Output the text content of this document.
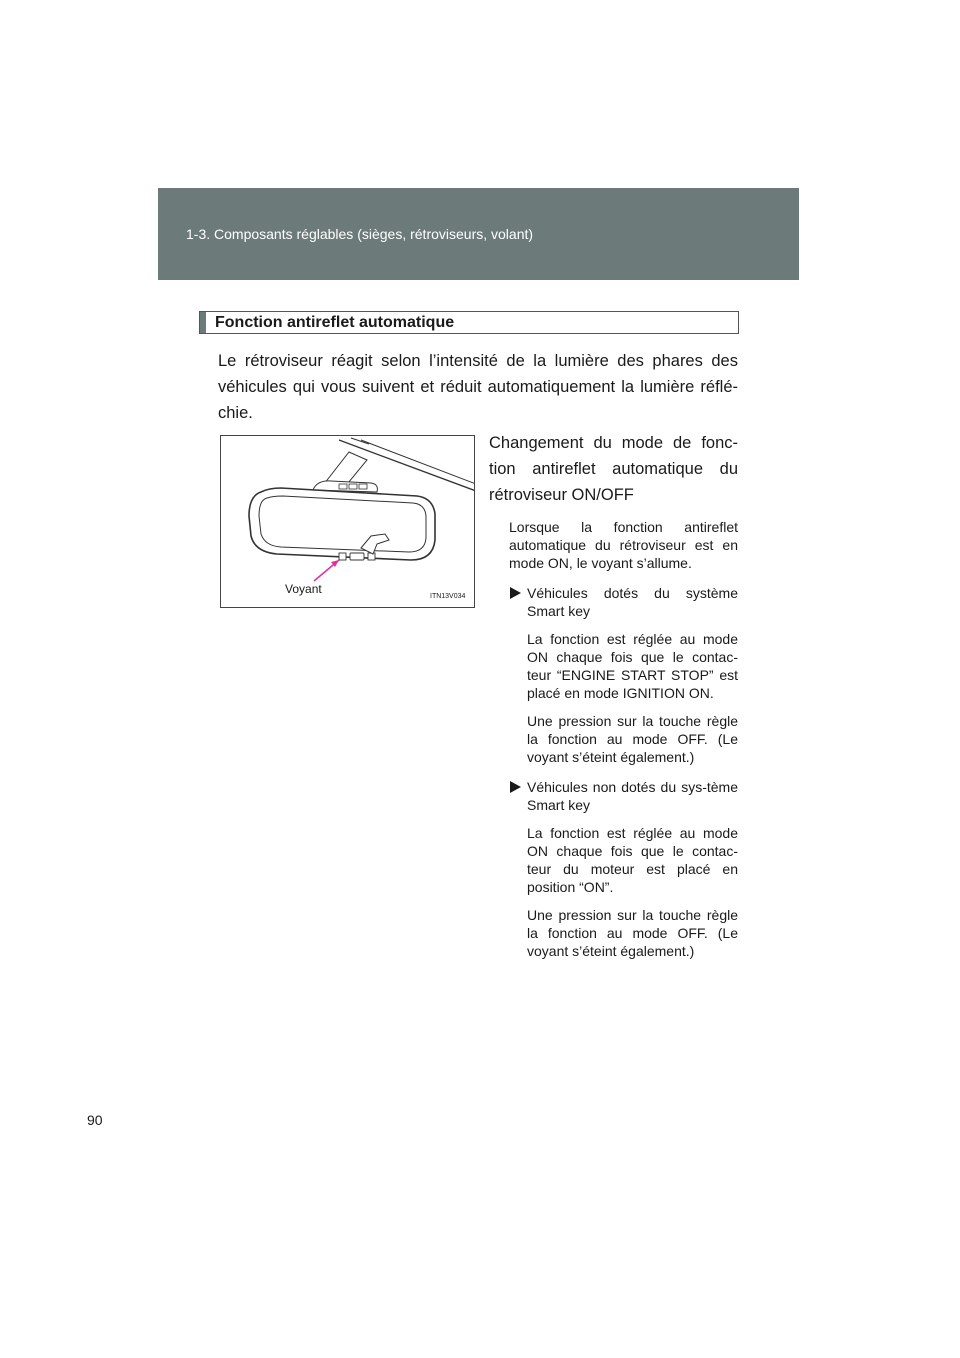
1-3. Composants réglables (sièges, rétroviseurs, volant)
Fonction antireflet automatique
Le rétroviseur réagit selon l’intensité de la lumière des phares des véhicules qui vous suivent et réduit automatiquement la lumière réflé-chie.
Voyant
ITN13V034

Changement du mode de fonc-tion antireflet automatique du rétroviseur ON/OFF

Lorsque la fonction antireflet automatique du rétroviseur est en mode ON, le voyant s’allume.

Véhicules dotés du système Smart key

La fonction est réglée au mode ON chaque fois que le contac-teur “ENGINE START STOP” est placé en mode IGNITION ON.

Une pression sur la touche règle la fonction au mode OFF. (Le voyant s’éteint également.)

Véhicules non dotés du sys-tème Smart key

La fonction est réglée au mode ON chaque fois que le contac-teur du moteur est placé en position “ON”.

Une pression sur la touche règle la fonction au mode OFF. (Le voyant s’éteint également.)

90
